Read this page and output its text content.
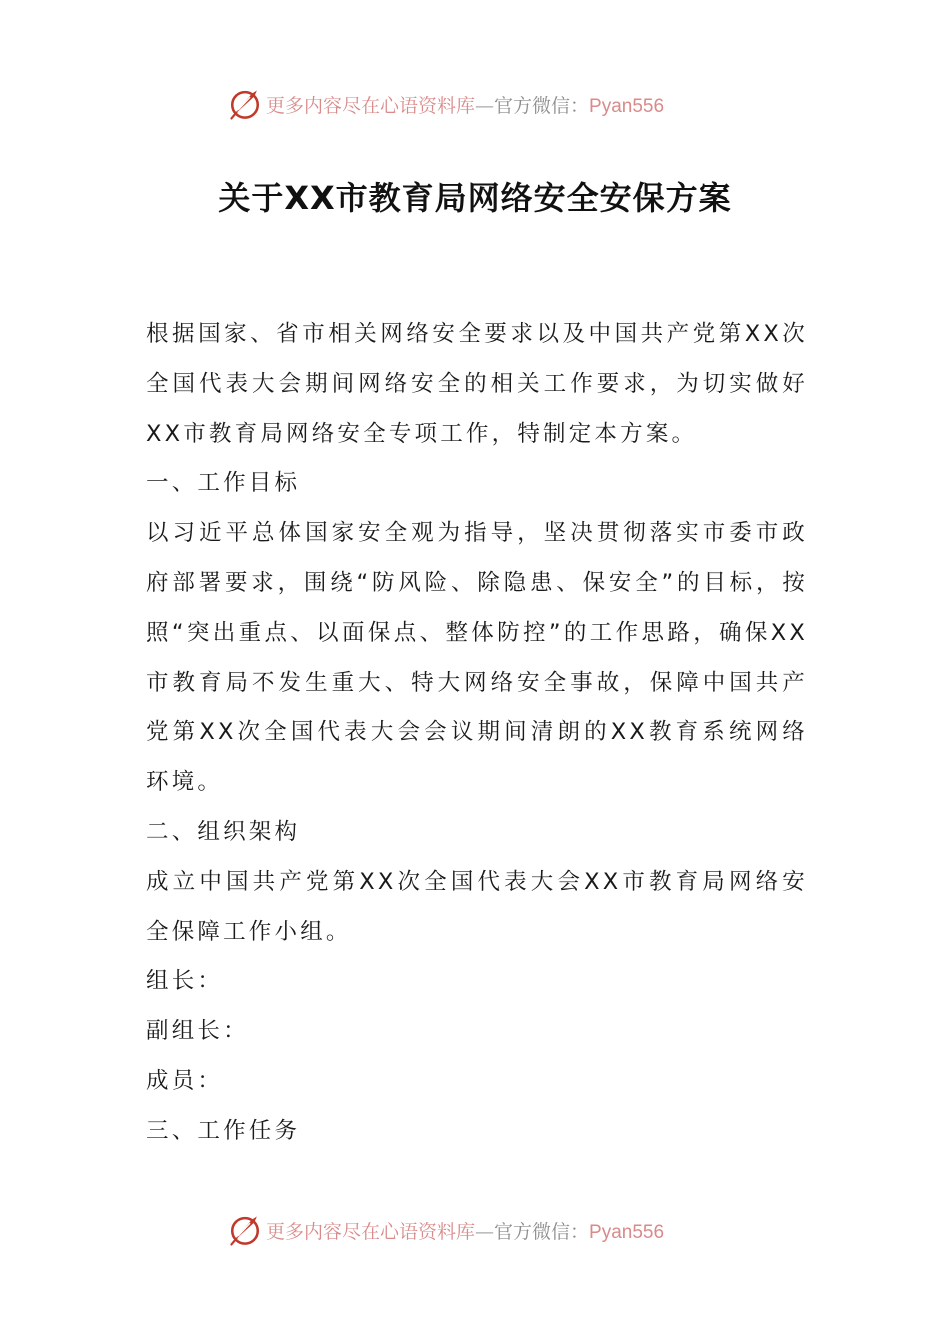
更多内容尽在心语资料库—官方微信：Pyan556
关于XX市教育局网络安全安保方案

根据国家、省市相关网络安全要求以及中国共产党第XX次全国代表大会期间网络安全的相关工作要求，为切实做好XX市教育局网络安全专项工作，特制定本方案。

一、工作目标

以习近平总体国家安全观为指导，坚决贯彻落实市委市政府部署要求，围绕“防风险、除隐患、保安全”的目标，按照“突出重点、以面保点、整体防控”的工作思路，确保XX市教育局不发生重大、特大网络安全事故，保障中国共产党第XX次全国代表大会会议期间清朗的XX教育系统网络环境。

二、组织架构

成立中国共产党第XX次全国代表大会XX市教育局网络安全保障工作小组。

组长：

副组长：

成员：

三、工作任务

更多内容尽在心语资料库—官方微信：Pyan556
